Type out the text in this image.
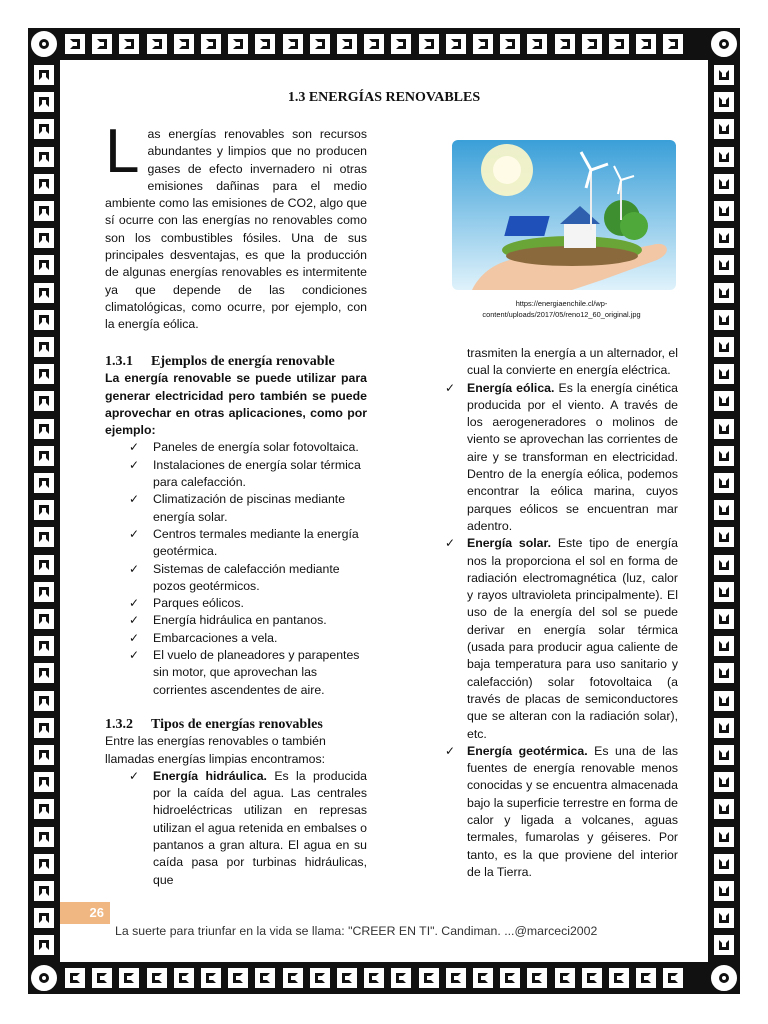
1.3 ENERGÍAS RENOVABLES

Las energías renovables son recursos abundantes y limpios que no producen gases de efecto invernadero ni otras emisiones dañinas para el medio ambiente como las emisiones de CO2, algo que sí ocurre con las energías no renovables como son los combustibles fósiles. Una de sus principales desventajas, es que la producción de algunas energías renovables es intermitente ya que depende de las condiciones climatológicas, como ocurre, por ejemplo, con la energía eólica.

https://energiaenchile.cl/wp-content/uploads/2017/05/reno12_60_original.jpg
1.3.1 Ejemplos de energía renovable

La energía renovable se puede utilizar para generar electricidad pero también se puede aprovechar en otras aplicaciones, como por ejemplo:

✓ Paneles de energía solar fotovoltaica.
✓ Instalaciones de energía solar térmica para calefacción.
✓ Climatización de piscinas mediante energía solar.
✓ Centros termales mediante la energía geotérmica.
✓ Sistemas de calefacción mediante pozos geotérmicos.
✓ Parques eólicos.
✓ Energía hidráulica en pantanos.
✓ Embarcaciones a vela.
✓ El vuelo de planeadores y parapentes sin motor, que aprovechan las corrientes ascendentes de aire.
1.3.2 Tipos de energías renovables

Entre las energías renovables o también llamadas energías limpias encontramos:

✓ Energía hidráulica. Es la producida por la caída del agua. Las centrales hidroeléctricas utilizan en represas utilizan el agua retenida en embalses o pantanos a gran altura. El agua en su caída pasa por turbinas hidráulicas, que

trasmiten la energía a un alternador, el cual la convierte en energía eléctrica.

✓ Energía eólica. Es la energía cinética producida por el viento. A través de los aerogeneradores o molinos de viento se aprovechan las corrientes de aire y se transforman en electricidad. Dentro de la energía eólica, podemos encontrar la eólica marina, cuyos parques eólicos se encuentran mar adentro.

✓ Energía solar. Este tipo de energía nos la proporciona el sol en forma de radiación electromagnética (luz, calor y rayos ultravioleta principalmente). El uso de la energía del sol se puede derivar en energía solar térmica (usada para producir agua caliente de baja temperatura para uso sanitario y calefacción) solar fotovoltaica (a través de placas de semiconductores que se alteran con la radiación solar), etc.

✓ Energía geotérmica. Es una de las fuentes de energía renovable menos conocidas y se encuentra almacenada bajo la superficie terrestre en forma de calor y ligada a volcanes, aguas termales, fumarolas y géiseres. Por tanto, es la que proviene del interior de la Tierra.

26
La suerte para triunfar en la vida se llama: "CREER EN TI". Candiman. ...@marceci2002
